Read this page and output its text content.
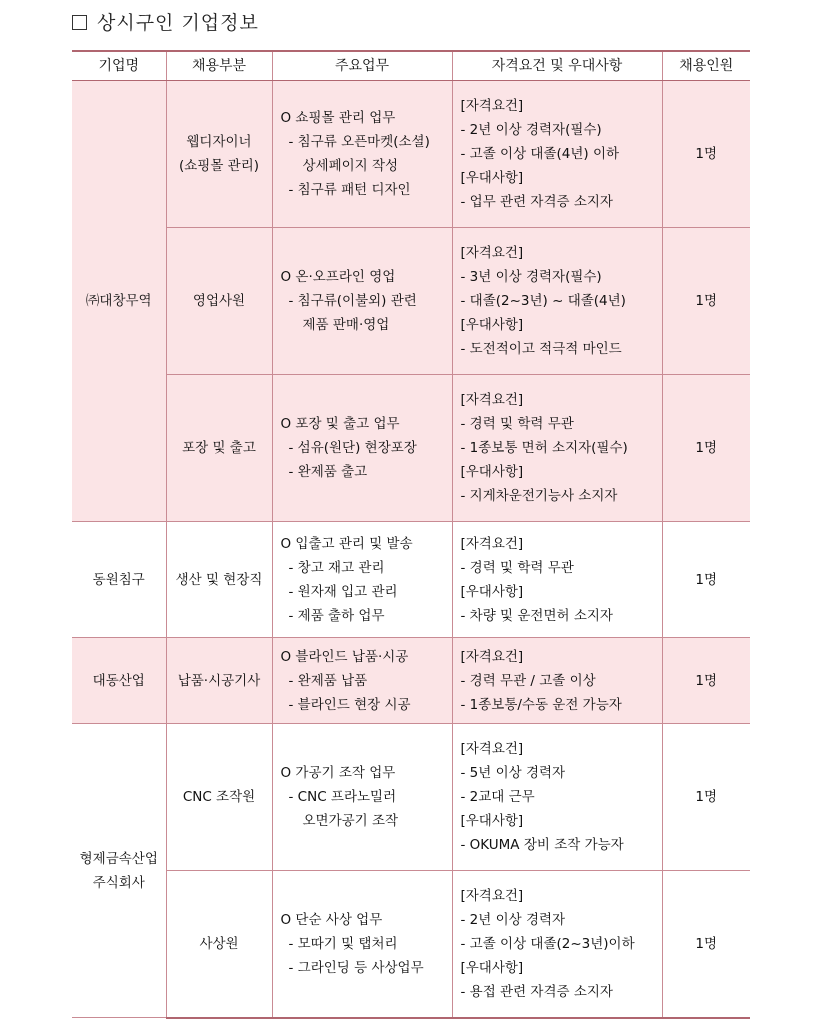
상시구인 기업정보
기업명	채용부분	주요업무	자격요건 및 우대사항	채용인원

㈜대창무역	웹디자이너
(쇼핑몰 관리)	O 쇼핑몰 관리 업무
- 침구류 오픈마켓(소셜)
상세페이지 작성
- 침구류 패턴 디자인	[자격요건]
- 2년 이상 경력자(필수)
- 고졸 이상 대졸(4년) 이하
[우대사항]
- 업무 관련 자격증 소지자	1명

	영업사원	O 온·오프라인 영업
- 침구류(이불외) 관련
제품 판매·영업	[자격요건]
- 3년 이상 경력자(필수)
- 대졸(2~3년) ~ 대졸(4년)
[우대사항]
- 도전적이고 적극적 마인드	1명

	포장 및 출고	O 포장 및 출고 업무
- 섬유(원단) 현장포장
- 완제품 출고	[자격요건]
- 경력 및 학력 무관
- 1종보통 면허 소지자(필수)
[우대사항]
- 지게차운전기능사 소지자	1명

동원침구	생산 및 현장직	O 입출고 관리 및 발송
- 창고 재고 관리
- 원자재 입고 관리
- 제품 출하 업무	[자격요건]
- 경력 및 학력 무관
[우대사항]
- 차량 및 운전면허 소지자	1명

대동산업	납품·시공기사	O 블라인드 납품·시공
- 완제품 납품
- 블라인드 현장 시공	[자격요건]
- 경력 무관 / 고졸 이상
- 1종보통/수동 운전 가능자	1명

형제금속산업
주식회사	CNC 조작원	O 가공기 조작 업무
- CNC 프라노밀러
오면가공기 조작	[자격요건]
- 5년 이상 경력자
- 2교대 근무
[우대사항]
- OKUMA 장비 조작 가능자	1명

	사상원	O 단순 사상 업무
- 모따기 및 탭처리
- 그라인딩 등 사상업무	[자격요건]
- 2년 이상 경력자
- 고졸 이상 대졸(2~3년)이하
[우대사항]
- 용접 관련 자격증 소지자	1명
